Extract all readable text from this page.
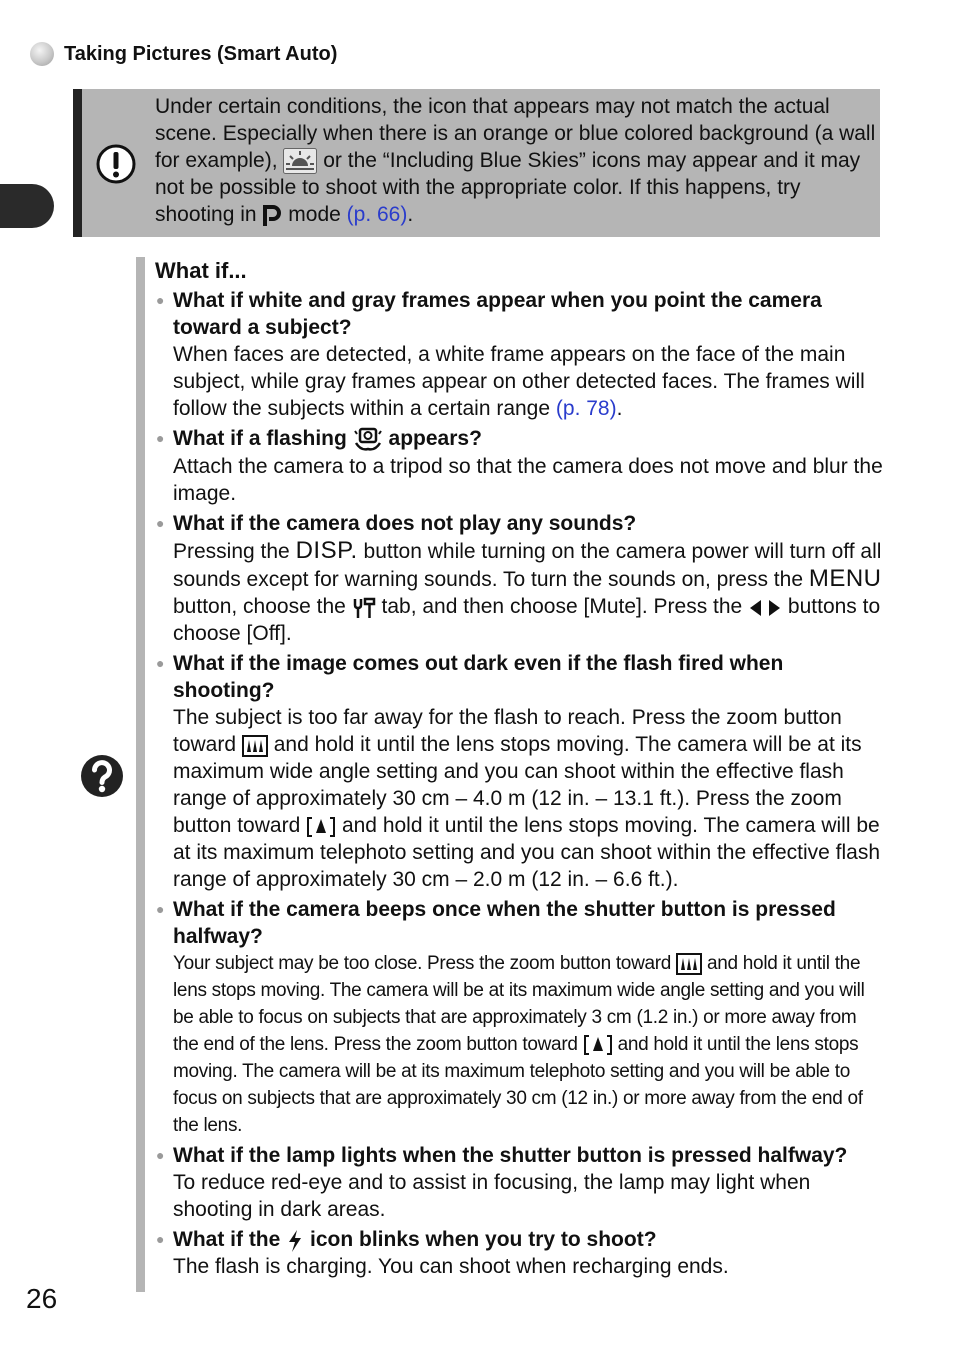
Taking Pictures (Smart Auto)
Under certain conditions, the icon that appears may not match the actual scene. Especially when there is an orange or blue colored background (a wall for example), or the “Including Blue Skies” icons may appear and it may not be possible to shoot with the appropriate color. If this happens, try shooting in mode (p. 66).
What if...
● What if white and gray frames appear when you point the camera toward a subject?
When faces are detected, a white frame appears on the face of the main subject, while gray frames appear on other detected faces. The frames will follow the subjects within a certain range (p. 78).
● What if a flashing appears?
Attach the camera to a tripod so that the camera does not move and blur the image.
● What if the camera does not play any sounds?
Pressing the DISP. button while turning on the camera power will turn off all sounds except for warning sounds. To turn the sounds on, press the MENU button, choose the tab, and then choose [Mute]. Press the buttons to choose [Off].
● What if the image comes out dark even if the flash fired when shooting?
The subject is too far away for the flash to reach. Press the zoom button toward and hold it until the lens stops moving. The camera will be at its maximum wide angle setting and you can shoot within the effective flash range of approximately 30 cm – 4.0 m (12 in. – 13.1 ft.). Press the zoom button toward and hold it until the lens stops moving. The camera will be at its maximum telephoto setting and you can shoot within the effective flash range of approximately 30 cm – 2.0 m (12 in. – 6.6 ft.).
● What if the camera beeps once when the shutter button is pressed halfway?
Your subject may be too close. Press the zoom button toward and hold it until the lens stops moving. The camera will be at its maximum wide angle setting and you will be able to focus on subjects that are approximately 3 cm (1.2 in.) or more away from the end of the lens. Press the zoom button toward and hold it until the lens stops moving. The camera will be at its maximum telephoto setting and you will be able to focus on subjects that are approximately 30 cm (12 in.) or more away from the end of the lens.
● What if the lamp lights when the shutter button is pressed halfway?
To reduce red-eye and to assist in focusing, the lamp may light when shooting in dark areas.
● What if the icon blinks when you try to shoot?
The flash is charging. You can shoot when recharging ends.
26
